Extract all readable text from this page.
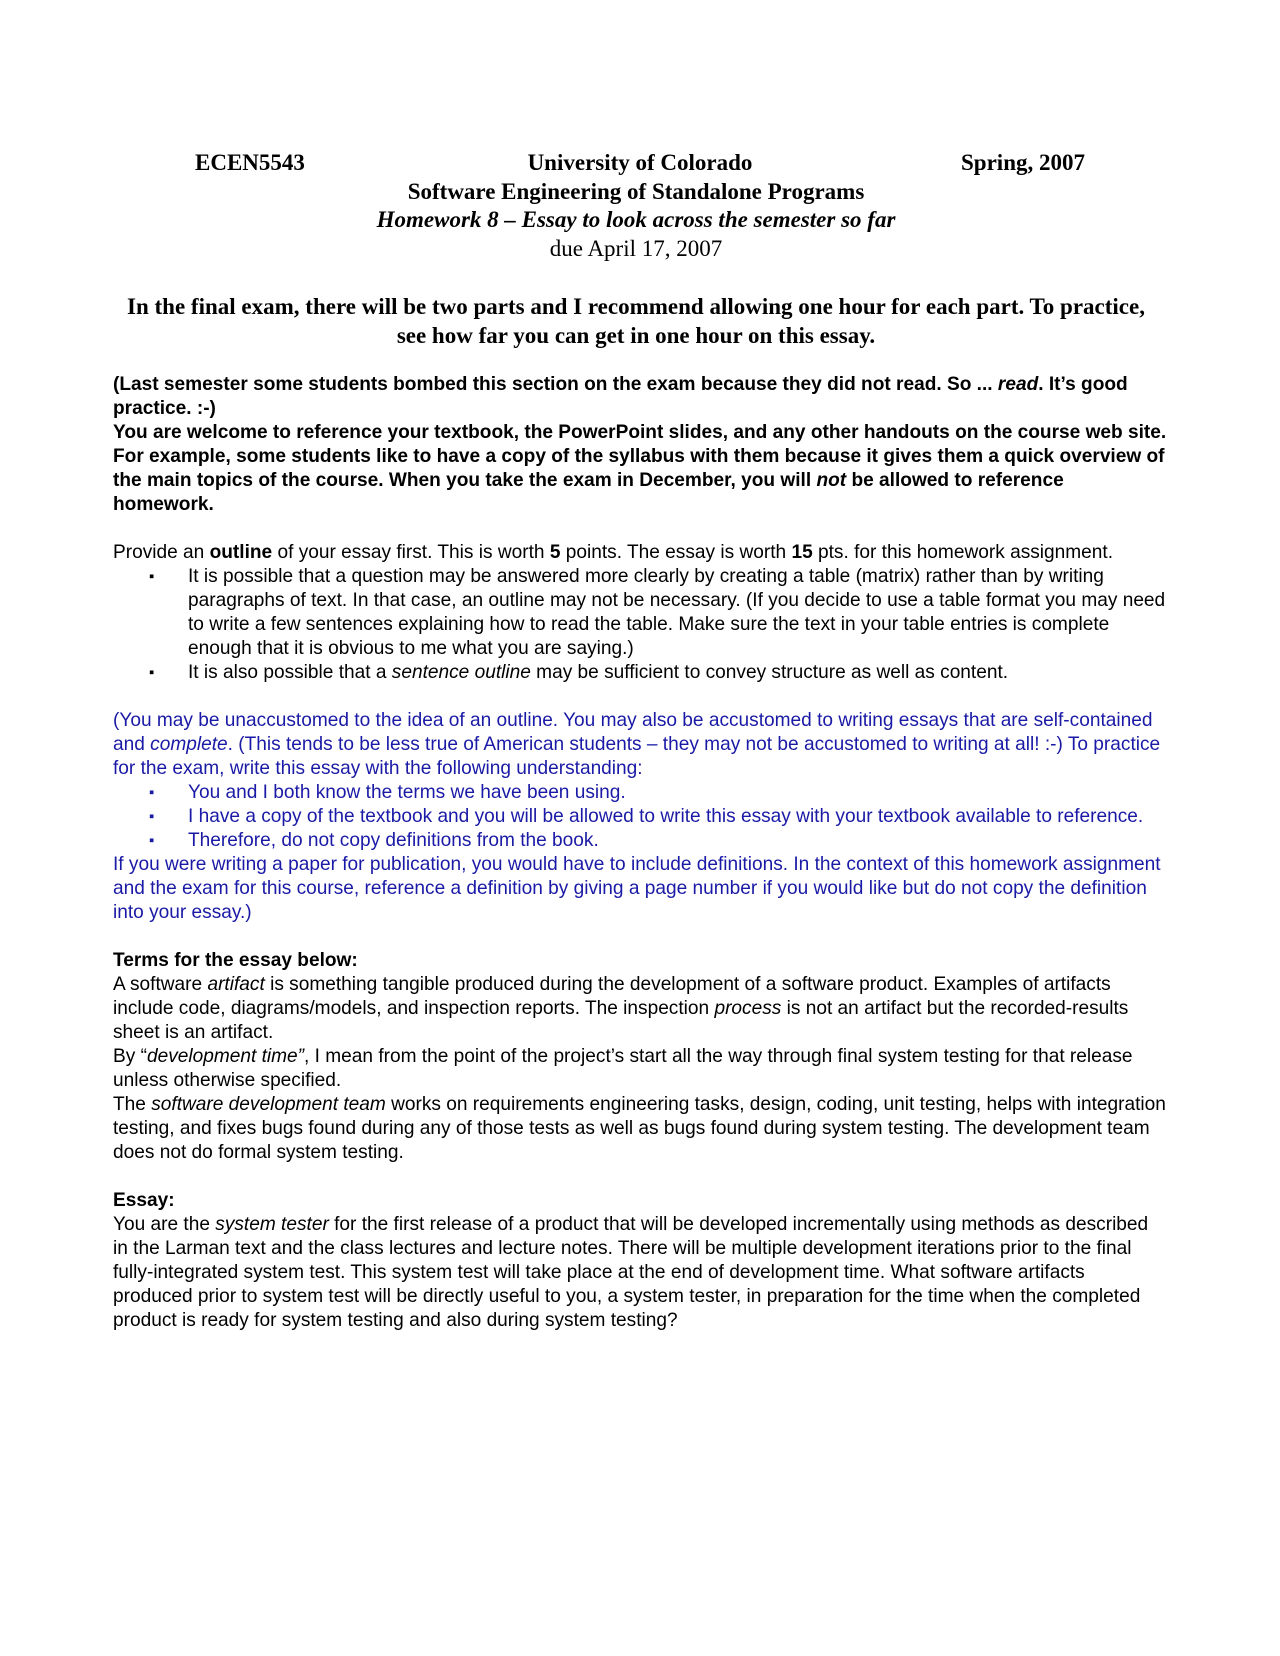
ECEN5543	University of Colorado	Spring, 2007
Software Engineering of Standalone Programs
Homework 8 – Essay to look across the semester so far
due April 17, 2007
In the final exam, there will be two parts and I recommend allowing one hour for each part. To practice, see how far you can get in one hour on this essay.

(Last semester some students bombed this section on the exam because they did not read. So ... read. It’s good practice. :-)

You are welcome to reference your textbook, the PowerPoint slides, and any other handouts on the course web site. For example, some students like to have a copy of the syllabus with them because it gives them a quick overview of the main topics of the course. When you take the exam in December, you will not be allowed to reference homework.

Provide an outline of your essay first. This is worth 5 points. The essay is worth 15 pts. for this homework assignment.

▪ It is possible that a question may be answered more clearly by creating a table (matrix) rather than by writing paragraphs of text. In that case, an outline may not be necessary. (If you decide to use a table format you may need to write a few sentences explaining how to read the table. Make sure the text in your table entries is complete enough that it is obvious to me what you are saying.)
▪ It is also possible that a sentence outline may be sufficient to convey structure as well as content.

(You may be unaccustomed to the idea of an outline. You may also be accustomed to writing essays that are self-contained and complete. (This tends to be less true of American students – they may not be accustomed to writing at all! :-) To practice for the exam, write this essay with the following understanding:

▪ You and I both know the terms we have been using.
▪ I have a copy of the textbook and you will be allowed to write this essay with your textbook available to reference.
▪ Therefore, do not copy definitions from the book.

If you were writing a paper for publication, you would have to include definitions. In the context of this homework assignment and the exam for this course, reference a definition by giving a page number if you would like but do not copy the definition into your essay.)

Terms for the essay below:

A software artifact is something tangible produced during the development of a software product. Examples of artifacts include code, diagrams/models, and inspection reports. The inspection process is not an artifact but the recorded-results sheet is an artifact.

By “development time”, I mean from the point of the project’s start all the way through final system testing for that release unless otherwise specified.

The software development team works on requirements engineering tasks, design, coding, unit testing, helps with integration testing, and fixes bugs found during any of those tests as well as bugs found during system testing. The development team does not do formal system testing.

Essay:

You are the system tester for the first release of a product that will be developed incrementally using methods as described in the Larman text and the class lectures and lecture notes. There will be multiple development iterations prior to the final fully-integrated system test. This system test will take place at the end of development time. What software artifacts produced prior to system test will be directly useful to you, a system tester, in preparation for the time when the completed product is ready for system testing and also during system testing?
